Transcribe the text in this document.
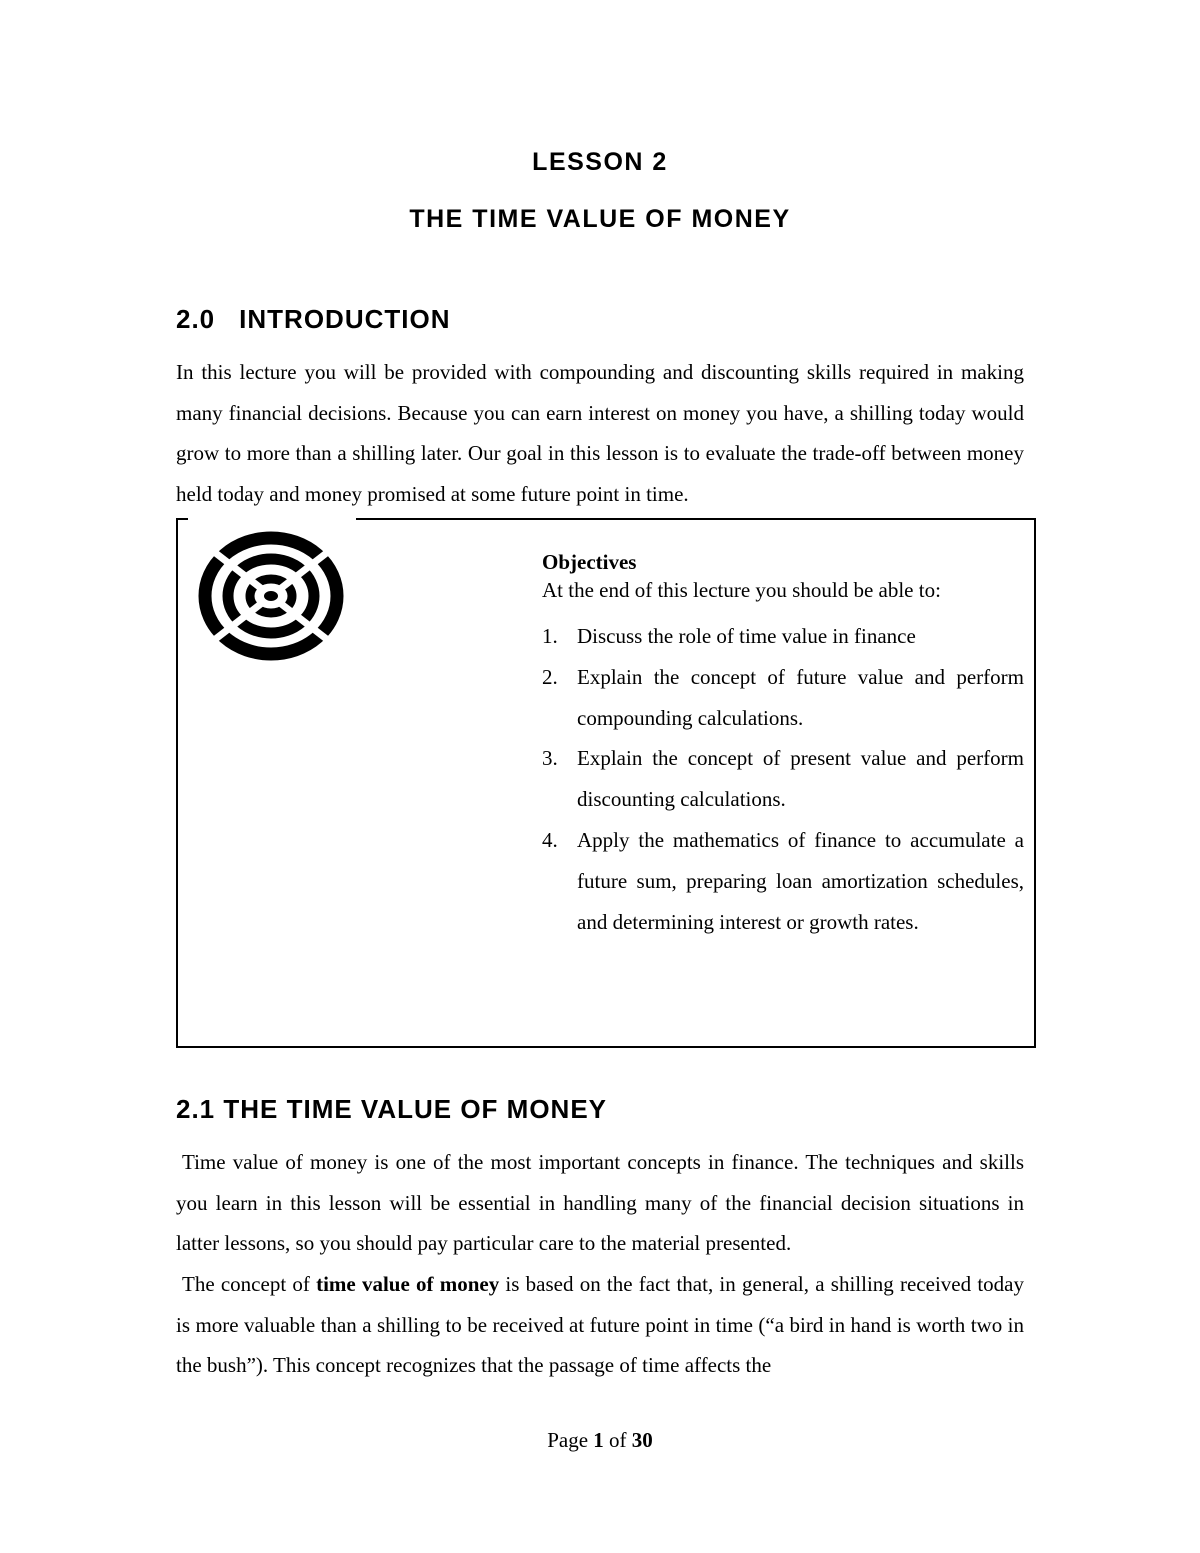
LESSON 2
THE TIME VALUE OF MONEY
2.0 INTRODUCTION

In this lecture you will be provided with compounding and discounting skills required in making many financial decisions. Because you can earn interest on money you have, a shilling today would grow to more than a shilling later. Our goal in this lesson is to evaluate the trade-off between money held today and money promised at some future point in time.

Objectives

At the end of this lecture you should be able to:

1. Discuss the role of time value in finance
2. Explain the concept of future value and perform compounding calculations.
3. Explain the concept of present value and perform discounting calculations.
4. Apply the mathematics of finance to accumulate a future sum, preparing loan amortization schedules, and determining interest or growth rates.
2.1 THE TIME VALUE OF MONEY

Time value of money is one of the most important concepts in finance. The techniques and skills you learn in this lesson will be essential in handling many of the financial decision situations in latter lessons, so you should pay particular care to the material presented.

The concept of time value of money is based on the fact that, in general, a shilling received today is more valuable than a shilling to be received at future point in time (“a bird in hand is worth two in the bush”). This concept recognizes that the passage of time affects the

Page 1 of 30
